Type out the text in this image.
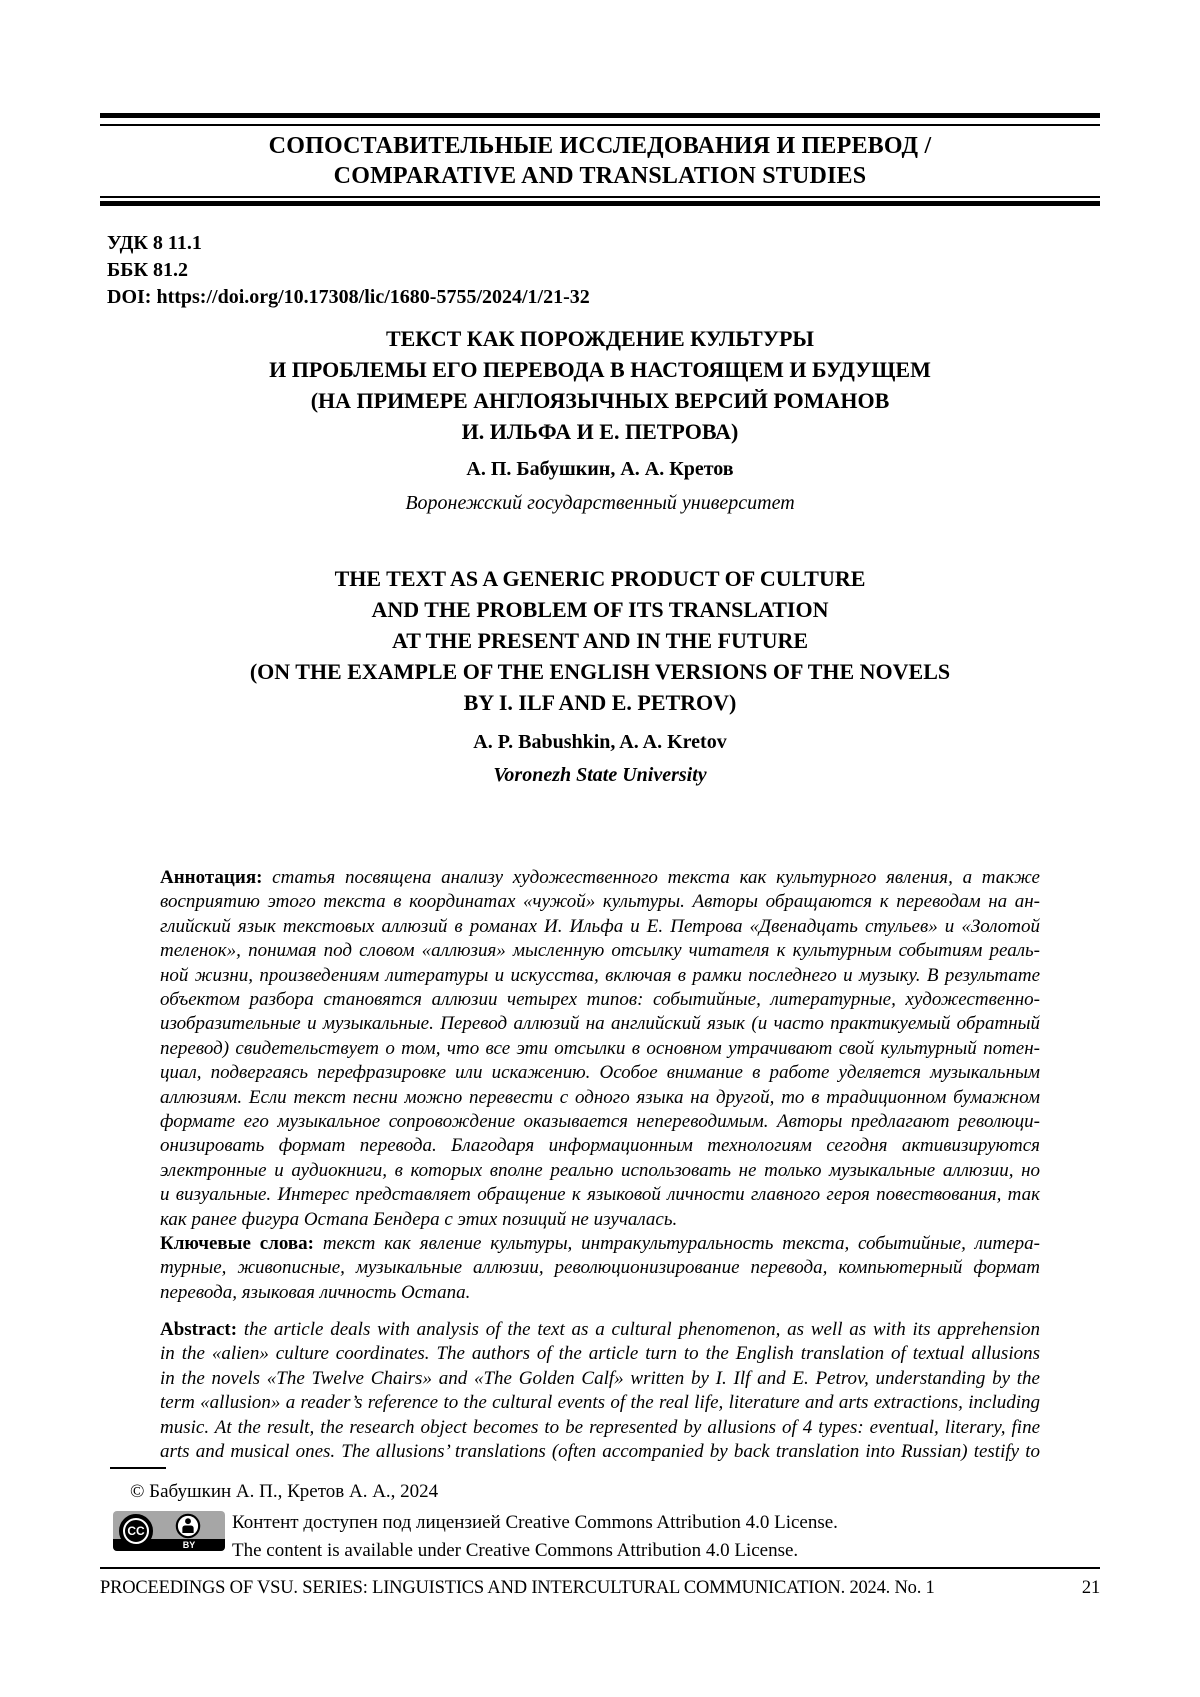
СОПОСТАВИТЕЛЬНЫЕ ИССЛЕДОВАНИЯ И ПЕРЕВОД /
COMPARATIVE AND TRANSLATION STUDIES
УДК 8 11.1
ББК 81.2
DOI: https://doi.org/10.17308/lic/1680-5755/2024/1/21-32
ТЕКСТ КАК ПОРОЖДЕНИЕ КУЛЬТУРЫ
И ПРОБЛЕМЫ ЕГО ПЕРЕВОДА В НАСТОЯЩЕМ И БУДУЩЕМ
(НА ПРИМЕРЕ АНГЛОЯЗЫЧНЫХ ВЕРСИЙ РОМАНОВ
И. ИЛЬФА И Е. ПЕТРОВА)
А. П. Бабушкин, А. А. Кретов
Воронежский государственный университет
THE TEXT AS A GENERIC PRODUCT OF CULTURE
AND THE PROBLEM OF ITS TRANSLATION
AT THE PRESENT AND IN THE FUTURE
(ON THE EXAMPLE OF THE ENGLISH VERSIONS OF THE NOVELS
BY I. ILF AND E. PETROV)
A. P. Babushkin, A. A. Kretov
Voronezh State University
Аннотация: статья посвящена анализу художественного текста как культурного явления, а также
восприятию этого текста в координатах «чужой» культуры. Авторы обращаются к переводам на ан-
глийский язык текстовых аллюзий в романах И. Ильфа и Е. Петрова «Двенадцать стульев» и «Золотой
теленок», понимая под словом «аллюзия» мысленную отсылку читателя к культурным событиям реаль-
ной жизни, произведениям литературы и искусства, включая в рамки последнего и музыку. В результате
объектом разбора становятся аллюзии четырех типов: событийные, литературные, художественно-
изобразительные и музыкальные. Перевод аллюзий на английский язык (и часто практикуемый обратный
перевод) свидетельствует о том, что все эти отсылки в основном утрачивают свой культурный потен-
циал, подвергаясь перефразировке или искажению. Особое внимание в работе уделяется музыкальным
аллюзиям. Если текст песни можно перевести с одного языка на другой, то в традиционном бумажном
формате его музыкальное сопровождение оказывается непереводимым. Авторы предлагают революци-
онизировать формат перевода. Благодаря информационным технологиям сегодня активизируются
электронные и аудиокниги, в которых вполне реально использовать не только музыкальные аллюзии, но
и визуальные. Интерес представляет обращение к языковой личности главного героя повествования, так
как ранее фигура Остапа Бендера с этих позиций не изучалась.
Ключевые слова: текст как явление культуры, интракультуральность текста, событийные, литера-
турные, живописные, музыкальные аллюзии, революционизирование перевода, компьютерный формат
перевода, языковая личность Остапа.
Abstract: the article deals with analysis of the text as a cultural phenomenon, as well as with its apprehension
in the «alien» culture coordinates. The authors of the article turn to the English translation of textual allusions
in the novels «The Twelve Chairs» and «The Golden Calf» written by I. Ilf and E. Petrov, understanding by the
term «allusion» a reader’s reference to the cultural events of the real life, literature and arts extractions, including
music. At the result, the research object becomes to be represented by allusions of 4 types: eventual, literary, fine
arts and musical ones. The allusions’ translations (often accompanied by back translation into Russian) testify to
© Бабушкин А. П., Кретов А. А., 2024
BY
CC	Контент доступен под лицензией Creative Commons Attribution 4.0 License.
The content is available under Creative Commons Attribution 4.0 License.
PROCEEDINGS OF VSU. SERIES: LINGUISTICS AND INTERCULTURAL COMMUNICATION. 2024. No. 1	21
